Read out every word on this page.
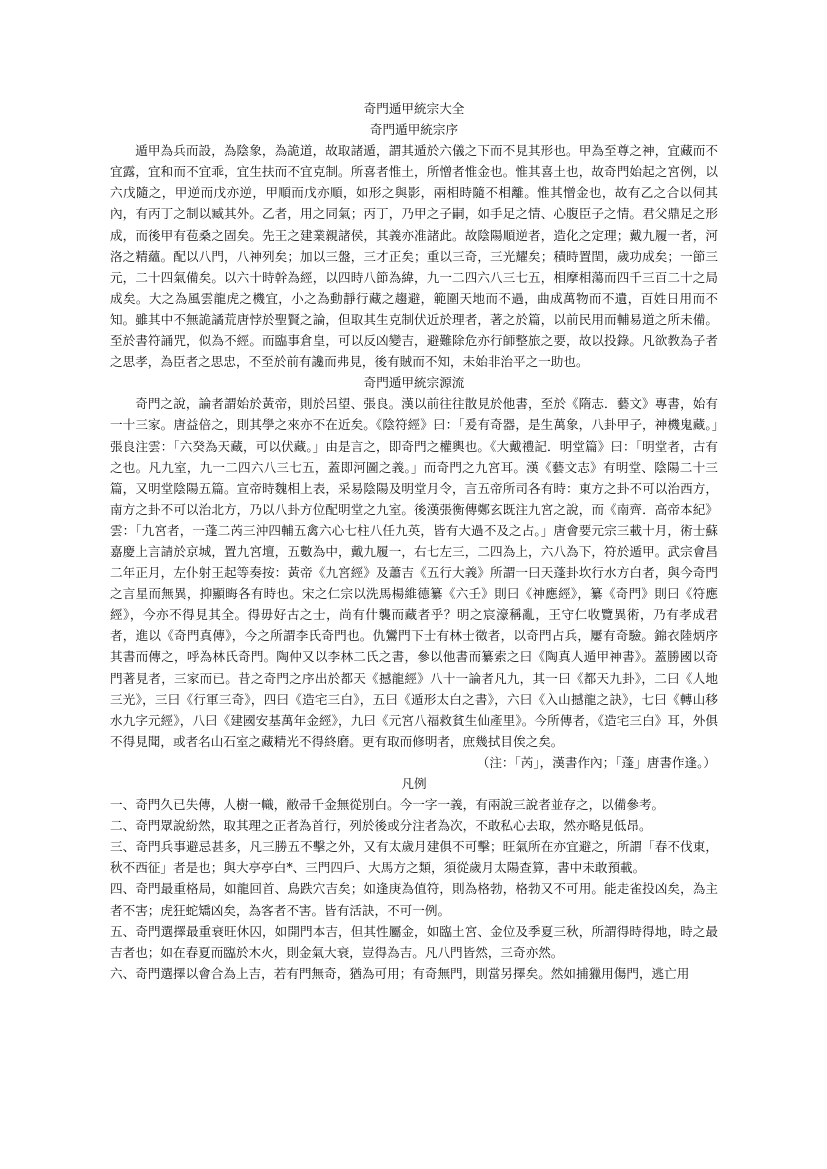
奇門遁甲統宗大全

奇門遁甲統宗序

遁甲為兵而設，為陰象，為詭道，故取諸遁，謂其遁於六儀之下而不見其形也。甲為至尊之神，宜藏而不宜露，宜和而不宜乖，宜生扶而不宜克制。所喜者惟土，所憎者惟金也。惟其喜土也，故奇門始起之宮例，以六戊隨之，甲逆而戊亦逆，甲順而戊亦順，如形之與影，兩相時隨不相離。惟其憎金也，故有乙之合以伺其內，有丙丁之制以臧其外。乙者，用之同氣；丙丁，乃甲之子嗣，如手足之情、心腹臣子之情。君父鼎足之形成，而後甲有苞桑之固矣。先王之建業親諸侯，其義亦准諸此。故陰陽順逆者，造化之定理；戴九履一者，河洛之精蘊。配以八門，八神列矣；加以三盤，三才正矣；重以三奇，三光耀矣；積時置閏，歲功成矣；一節三元，二十四氣備矣。以六十時幹為經，以四時八節為緯，九一二四六八三七五，相摩相蕩而四千三百二十之局成矣。大之為風雲龍虎之機宜，小之為動靜行藏之趨避，範圍天地而不過，曲成萬物而不遺，百姓日用而不知。雖其中不無詭譎荒唐悖於聖賢之論，但取其生克制伏近於理者，著之於篇，以前民用而輔易道之所未備。至於書符誦咒，似為不經。而臨事倉皇，可以反凶變吉，避難除危亦行師整旅之要，故以投錄。凡欲教為子者之思孝，為臣者之思忠，不至於前有讒而弗見，後有賊而不知，未始非治平之一助也。

奇門遁甲統宗源流

奇門之說，論者謂始於黃帝，則於呂望、張良。漢以前往往散見於他書，至於《隋志．藝文》專書，始有一十三家。唐益倍之，則其學之來亦不在近矣。《陰符經》曰：「爰有奇器，是生萬象，八卦甲子，神機鬼藏。」張良注雲：「六癸為天藏，可以伏藏。」由是言之，即奇門之權輿也。《大戴禮記．明堂篇》曰：「明堂者，古有之也。凡九室，九一二四六八三七五，蓋即河圖之義。」而奇門之九宮耳。漢《藝文志》有明堂、陰陽二十三篇，又明堂陰陽五篇。宣帝時魏相上表，采易陰陽及明堂月令，言五帝所司各有時：東方之卦不可以治西方，南方之卦不可以治北方，乃以八卦方位配明堂之九室。後漢張衡傳鄭玄既注九宮之說，而《南齊．高帝本紀》雲：「九宮者，一蓬二芮三沖四輔五禽六心七柱八任九英，皆有大過不及之占。」唐會要元宗三載十月，術士蘇嘉慶上言請於京城，置九宮壇，五數為中，戴九履一，右七左三，二四為上，六八為下，符於遁甲。武宗會昌二年正月，左仆射王起等奏按：黃帝《九宮經》及蕭吉《五行大義》所謂一曰天蓬卦坎行水方白者，與今奇門之言星而無異，抑顯晦各有時也。宋之仁宗以洗馬楊維德纂《六壬》則曰《神應經》，纂《奇門》則曰《符應經》，今亦不得見其全。得毋好古之士，尚有什襲而藏者乎？明之宸濠稱亂，王守仁收覽異術，乃有孝成君者，進以《奇門真傳》，今之所謂李氏奇門也。仇鸞門下士有林士徵者，以奇門占兵，屢有奇驗。錦衣陸炳序其書而傳之，呼為林氏奇門。陶仲又以李林二氏之書，參以他書而纂索之曰《陶真人遁甲神書》。蓋勝國以奇門著見者，三家而已。昔之奇門之序出於都天《撼龍經》八十一論者凡九，其一曰《都天九卦》，二曰《人地三光》，三曰《行軍三奇》，四曰《造宅三白》，五曰《遁形太白之書》，六曰《入山撼龍之訣》，七曰《轉山移水九字元經》，八曰《建國安基萬年金經》，九曰《元宮八福救貧生仙產里》。今所傳者，《造宅三白》耳，外俱不得見聞，或者名山石室之藏精光不得終磨。更有取而修明者，庶幾拭目俟之矣。

（注：「芮」，漢書作內；「蓬」唐書作逢。）

凡例

一、奇門久已失傳，人樹一幟，敝帚千金無從別白。今一字一義，有兩說三說者並存之，以備參考。

二、奇門眾說紛然，取其理之正者為首行，列於後或分注者為次，不敢私心去取，然亦略見低昂。

三、奇門兵事避忌甚多，凡三勝五不擊之外，又有太歲月建俱不可擊；旺氣所在亦宜避之，所謂「春不伐東，秋不西征」者是也；與大亭亭白*、三門四戶、大馬方之類，須從歲月太陽查算，書中未敢預載。

四、奇門最重格局，如龍回首、鳥跌穴吉矣；如逢庚為值符，則為格勃，格勃又不可用。能走雀投凶矣，為主者不害；虎狂蛇矯凶矣，為客者不害。皆有活訣，不可一例。

五、奇門選擇最重衰旺休囚，如開門本吉，但其性屬金，如臨土宮、金位及季夏三秋，所謂得時得地，時之最吉者也；如在春夏而臨於木火，則金氣大衰，豈得為吉。凡八門皆然，三奇亦然。

六、奇門選擇以會合為上吉，若有門無奇，猶為可用；有奇無門，則當另擇矣。然如捕獵用傷門，逃亡用
